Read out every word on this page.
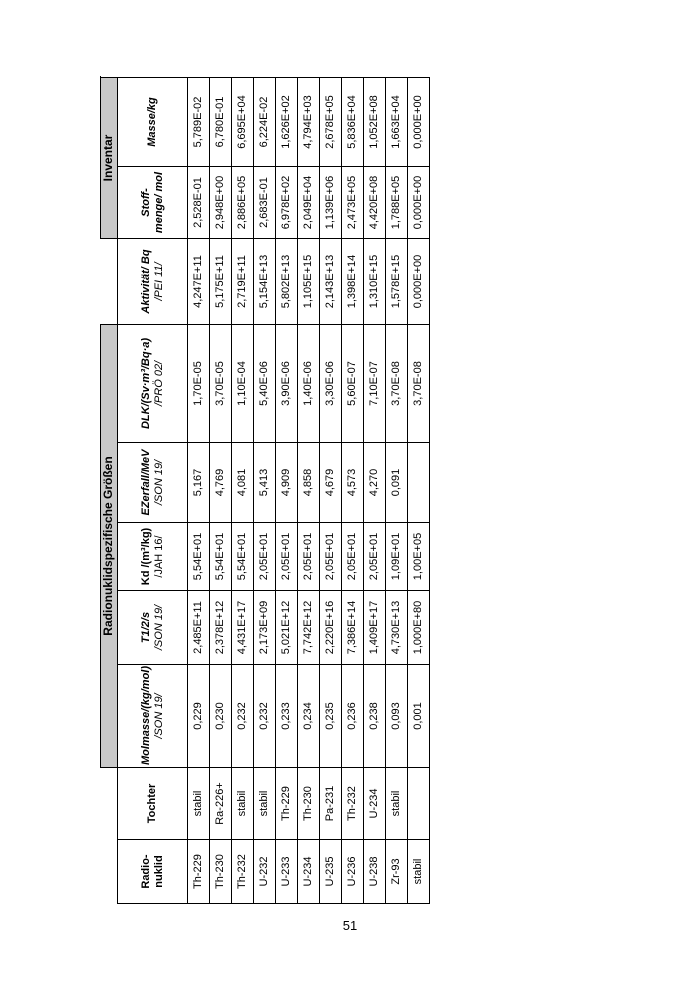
		Radionuklidspezifische Größen						Inventar	
Radio-nuklid	Tochter	Molmasse/(kg/mol) /SON 19/	T1/2/s /SON 19/	Kd /(m³/kg) /JAH 16/	EZerfall/MeV /SON 19/	DLK/(Sv·m³/Bq·a) /PRÖ 02/	Aktivität/ Bq /PEI 11/	Stoff-menge/ mol	Masse/kg
Th-229	stabil	0,229	2,485E+11	5,54E+01	5,167	1,70E-05	4,247E+11	2,528E-01	5,789E-02
Th-230	Ra-226+	0,230	2,378E+12	5,54E+01	4,769	3,70E-05	5,175E+11	2,948E+00	6,780E-01
Th-232	stabil	0,232	4,431E+17	5,54E+01	4,081	1,10E-04	2,719E+11	2,886E+05	6,695E+04
U-232	stabil	0,232	2,173E+09	2,05E+01	5,413	5,40E-06	5,154E+13	2,683E-01	6,224E-02
U-233	Th-229	0,233	5,021E+12	2,05E+01	4,909	3,90E-06	5,802E+13	6,978E+02	1,626E+02
U-234	Th-230	0,234	7,742E+12	2,05E+01	4,858	1,40E-06	1,105E+15	2,049E+04	4,794E+03
U-235	Pa-231	0,235	2,220E+16	2,05E+01	4,679	3,30E-06	2,143E+13	1,139E+06	2,678E+05
U-236	Th-232	0,236	7,386E+14	2,05E+01	4,573	5,60E-07	1,398E+14	2,473E+05	5,836E+04
U-238	U-234	0,238	1,409E+17	2,05E+01	4,270	7,10E-07	1,310E+15	4,420E+08	1,052E+08
Zr-93	stabil	0,093	4,730E+13	1,09E+01	0,091	3,70E-08	1,578E+15	1,788E+05	1,663E+04
stabil		0,001	1,000E+80	1,00E+05		3,70E-08	0,000E+00	0,000E+00	0,000E+00
51
